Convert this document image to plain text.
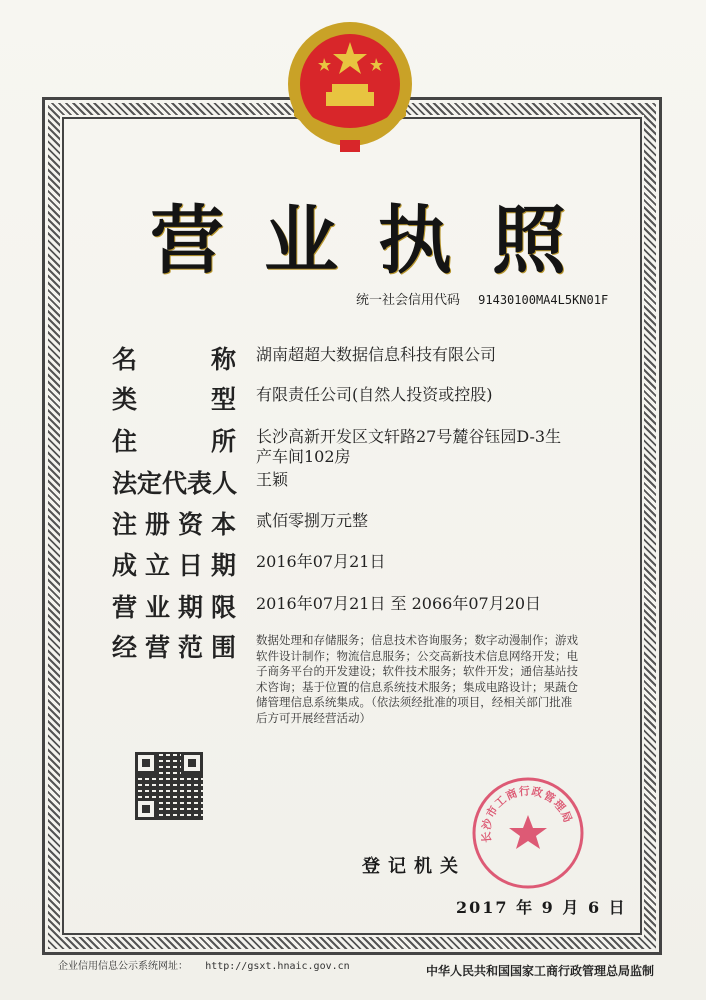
营 业 执 照
统一社会信用代码 91430100MA4L5KN01F
名	称 湖南超超大数据信息科技有限公司
类	型 有限责任公司(自然人投资或控股)
住	所 长沙高新开发区文轩路27号麓谷钰园D-3生
产车间102房
法 定 代 表 人 王颖
注 册 资 本 贰佰零捌万元整
成 立 日 期 2016年07月21日
营 业 期 限 2016年07月21日 至 2066年07月20日
经 营 范 围 数据处理和存储服务；信息技术咨询服务；数字动漫制作；游戏软件设计制作；物流信息服务；公交高新技术信息网络开发；电子商务平台的开发建设；软件技术服务；软件开发；通信基站技术咨询；基于位置的信息系统技术服务；集成电路设计；果蔬仓储管理信息系统集成。（依法须经批准的项目，经相关部门批准后方可开展经营活动）
长沙市工商行政管理局
登记机关
2017 年 9 月 6 日
企业信用信息公示系统网址： http://gsxt.hnaic.gov.cn	中华人民共和国国家工商行政管理总局监制
